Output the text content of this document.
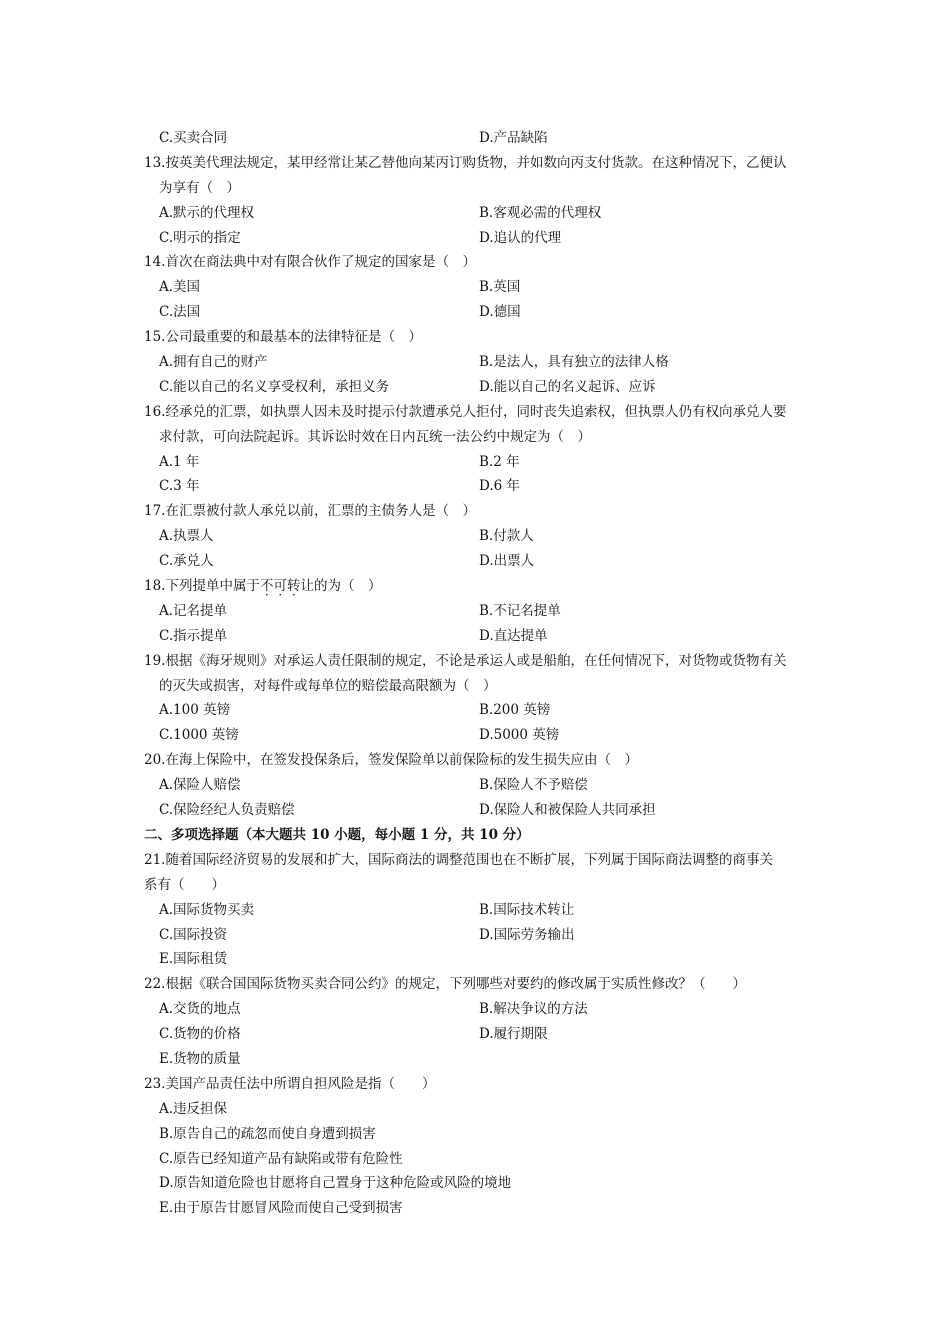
C.买卖合同	D.产品缺陷
13.按英美代理法规定，某甲经常让某乙替他向某丙订购货物，并如数向丙支付货款。在这种情况下，乙便认
为享有（　）
A.默示的代理权	B.客观必需的代理权
C.明示的指定	D.追认的代理
14.首次在商法典中对有限合伙作了规定的国家是（　）
A.美国	B.英国
C.法国	D.德国
15.公司最重要的和最基本的法律特征是（　）
A.拥有自己的财产	B.是法人，具有独立的法律人格
C.能以自己的名义享受权利，承担义务	D.能以自己的名义起诉、应诉
16.经承兑的汇票，如执票人因未及时提示付款遭承兑人拒付，同时丧失追索权，但执票人仍有权向承兑人要
求付款，可向法院起诉。其诉讼时效在日内瓦统一法公约中规定为（　）
A.1 年	B.2 年
C.3 年	D.6 年
17.在汇票被付款人承兑以前，汇票的主债务人是（　）
A.执票人	B.付款人
C.承兑人	D.出票人
18.下列提单中属于不可转让的为（　）
A.记名提单	B.不记名提单
C.指示提单	D.直达提单
19.根据《海牙规则》对承运人责任限制的规定，不论是承运人或是船舶，在任何情况下，对货物或货物有关
的灭失或损害，对每件或每单位的赔偿最高限额为（　）
A.100 英镑	B.200 英镑
C.1000 英镑	D.5000 英镑
20.在海上保险中，在签发投保条后，签发保险单以前保险标的发生损失应由（　）
A.保险人赔偿	B.保险人不予赔偿
C.保险经纪人负责赔偿	D.保险人和被保险人共同承担
二、多项选择题（本大题共 10 小题，每小题 1 分，共 10 分）
21.随着国际经济贸易的发展和扩大，国际商法的调整范围也在不断扩展，下列属于国际商法调整的商事关
系有（　　）
A.国际货物买卖	B.国际技术转让
C.国际投资	D.国际劳务输出
E.国际租赁
22.根据《联合国国际货物买卖合同公约》的规定，下列哪些对要约的修改属于实质性修改？（　　）
A.交货的地点	B.解决争议的方法
C.货物的价格	D.履行期限
E.货物的质量
23.美国产品责任法中所谓自担风险是指（　　）
A.违反担保
B.原告自己的疏忽而使自身遭到损害
C.原告已经知道产品有缺陷或带有危险性
D.原告知道危险也甘愿将自己置身于这种危险或风险的境地
E.由于原告甘愿冒风险而使自己受到损害
